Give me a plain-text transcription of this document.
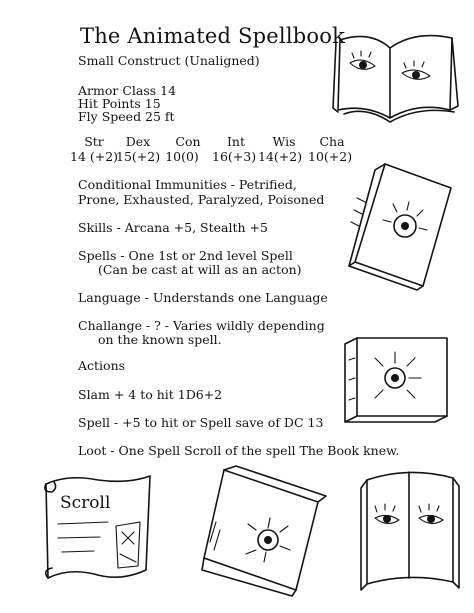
The Animated Spellbook
Small Construct (Unaligned)
Armor Class 14
Hit Points 15
Fly Speed 25 ft
Str
14 (+2)
Dex
15(+2)
Con
10(0)
Int
16(+3)
Wis
14(+2)
Cha
10(+2)
Conditional Immunities - Petrified,
Prone, Exhausted, Paralyzed, Poisoned
Skills - Arcana +5, Stealth +5
Spells - One 1st or 2nd level Spell
(Can be cast at will as an acton)
Language - Understands one Language
Challange - ? - Varies wildly depending
on the known spell.
Actions
Slam + 4 to hit 1D6+2
Spell - +5 to hit or Spell save of DC 13
Loot - One Spell Scroll of the spell The Book knew.
Scroll
